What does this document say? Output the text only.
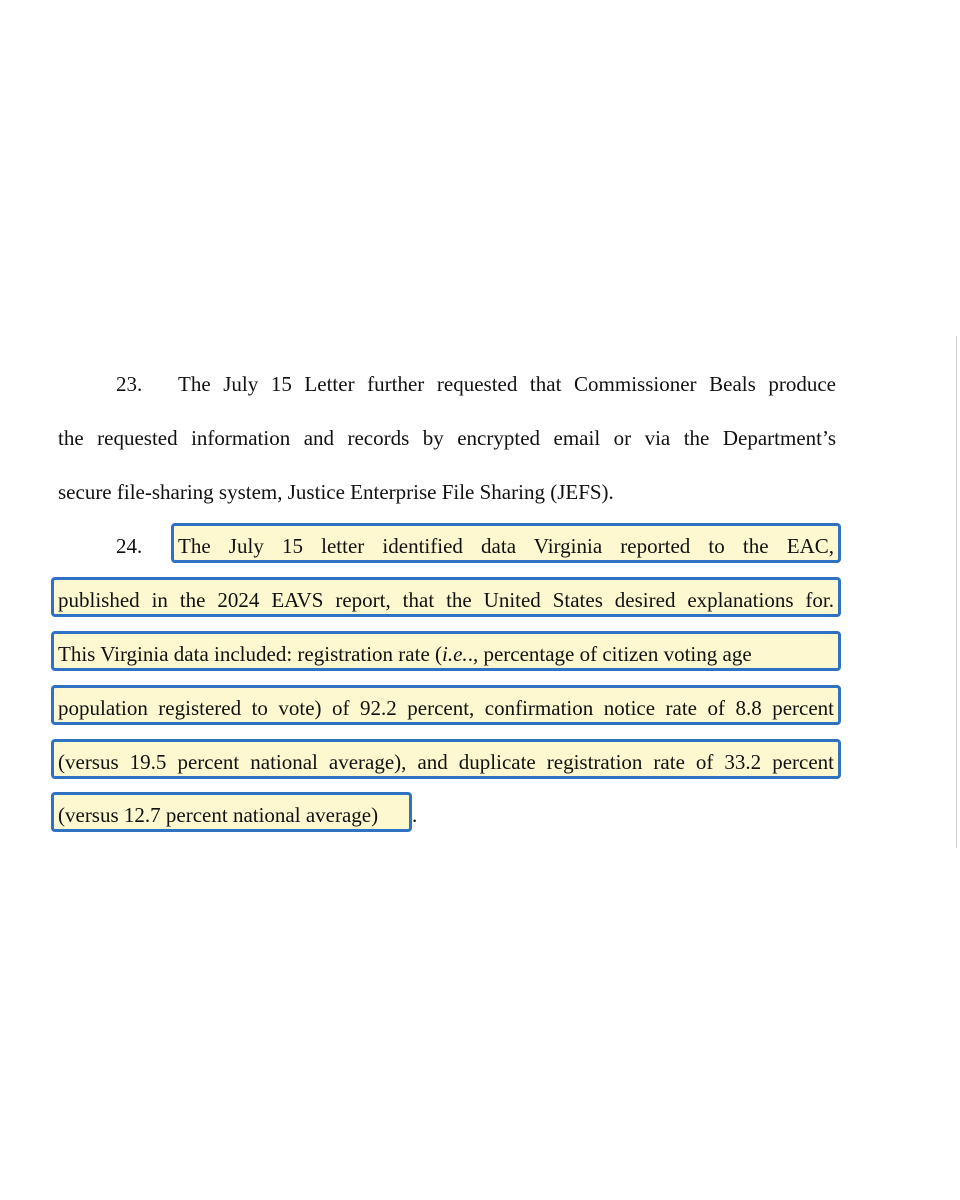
23. The July 15 Letter further requested that Commissioner Beals produce
the requested information and records by encrypted email or via the Department’s
secure file-sharing system, Justice Enterprise File Sharing (JEFS).
24. The July 15 letter identified data Virginia reported to the EAC,
published in the 2024 EAVS report, that the United States desired explanations for.
This Virginia data included: registration rate (i.e.., percentage of citizen voting age
population registered to vote) of 92.2 percent, confirmation notice rate of 8.8 percent
(versus 19.5 percent national average), and duplicate registration rate of 33.2 percent
(versus 12.7 percent national average) .
